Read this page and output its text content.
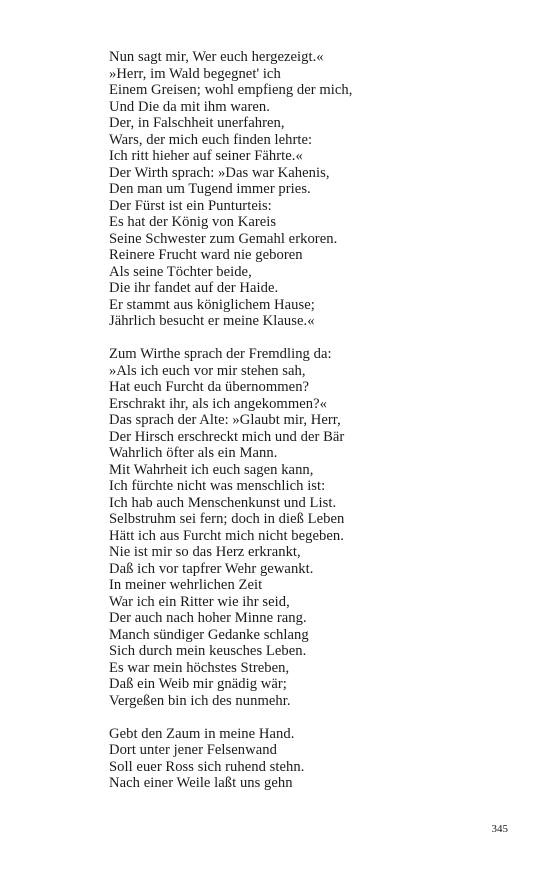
Nun sagt mir, Wer euch hergezeigt.«
»Herr, im Wald begegnet' ich
Einem Greisen; wohl empfieng der mich,
Und Die da mit ihm waren.
Der, in Falschheit unerfahren,
Wars, der mich euch finden lehrte:
Ich ritt hieher auf seiner Fährte.«
Der Wirth sprach: »Das war Kahenis,
Den man um Tugend immer pries.
Der Fürst ist ein Punturteis:
Es hat der König von Kareis
Seine Schwester zum Gemahl erkoren.
Reinere Frucht ward nie geboren
Als seine Töchter beide,
Die ihr fandet auf der Haide.
Er stammt aus königlichem Hause;
Jährlich besucht er meine Klause.«
Zum Wirthe sprach der Fremdling da:
»Als ich euch vor mir stehen sah,
Hat euch Furcht da übernommen?
Erschrakt ihr, als ich angekommen?«
Das sprach der Alte: »Glaubt mir, Herr,
Der Hirsch erschreckt mich und der Bär
Wahrlich öfter als ein Mann.
Mit Wahrheit ich euch sagen kann,
Ich fürchte nicht was menschlich ist:
Ich hab auch Menschenkunst und List.
Selbstruhm sei fern; doch in dieß Leben
Hätt ich aus Furcht mich nicht begeben.
Nie ist mir so das Herz erkrankt,
Daß ich vor tapfrer Wehr gewankt.
In meiner wehrlichen Zeit
War ich ein Ritter wie ihr seid,
Der auch nach hoher Minne rang.
Manch sündiger Gedanke schlang
Sich durch mein keusches Leben.
Es war mein höchstes Streben,
Daß ein Weib mir gnädig wär;
Vergeßen bin ich des nunmehr.
Gebt den Zaum in meine Hand.
Dort unter jener Felsenwand
Soll euer Ross sich ruhend stehn.
Nach einer Weile laßt uns gehn
345
